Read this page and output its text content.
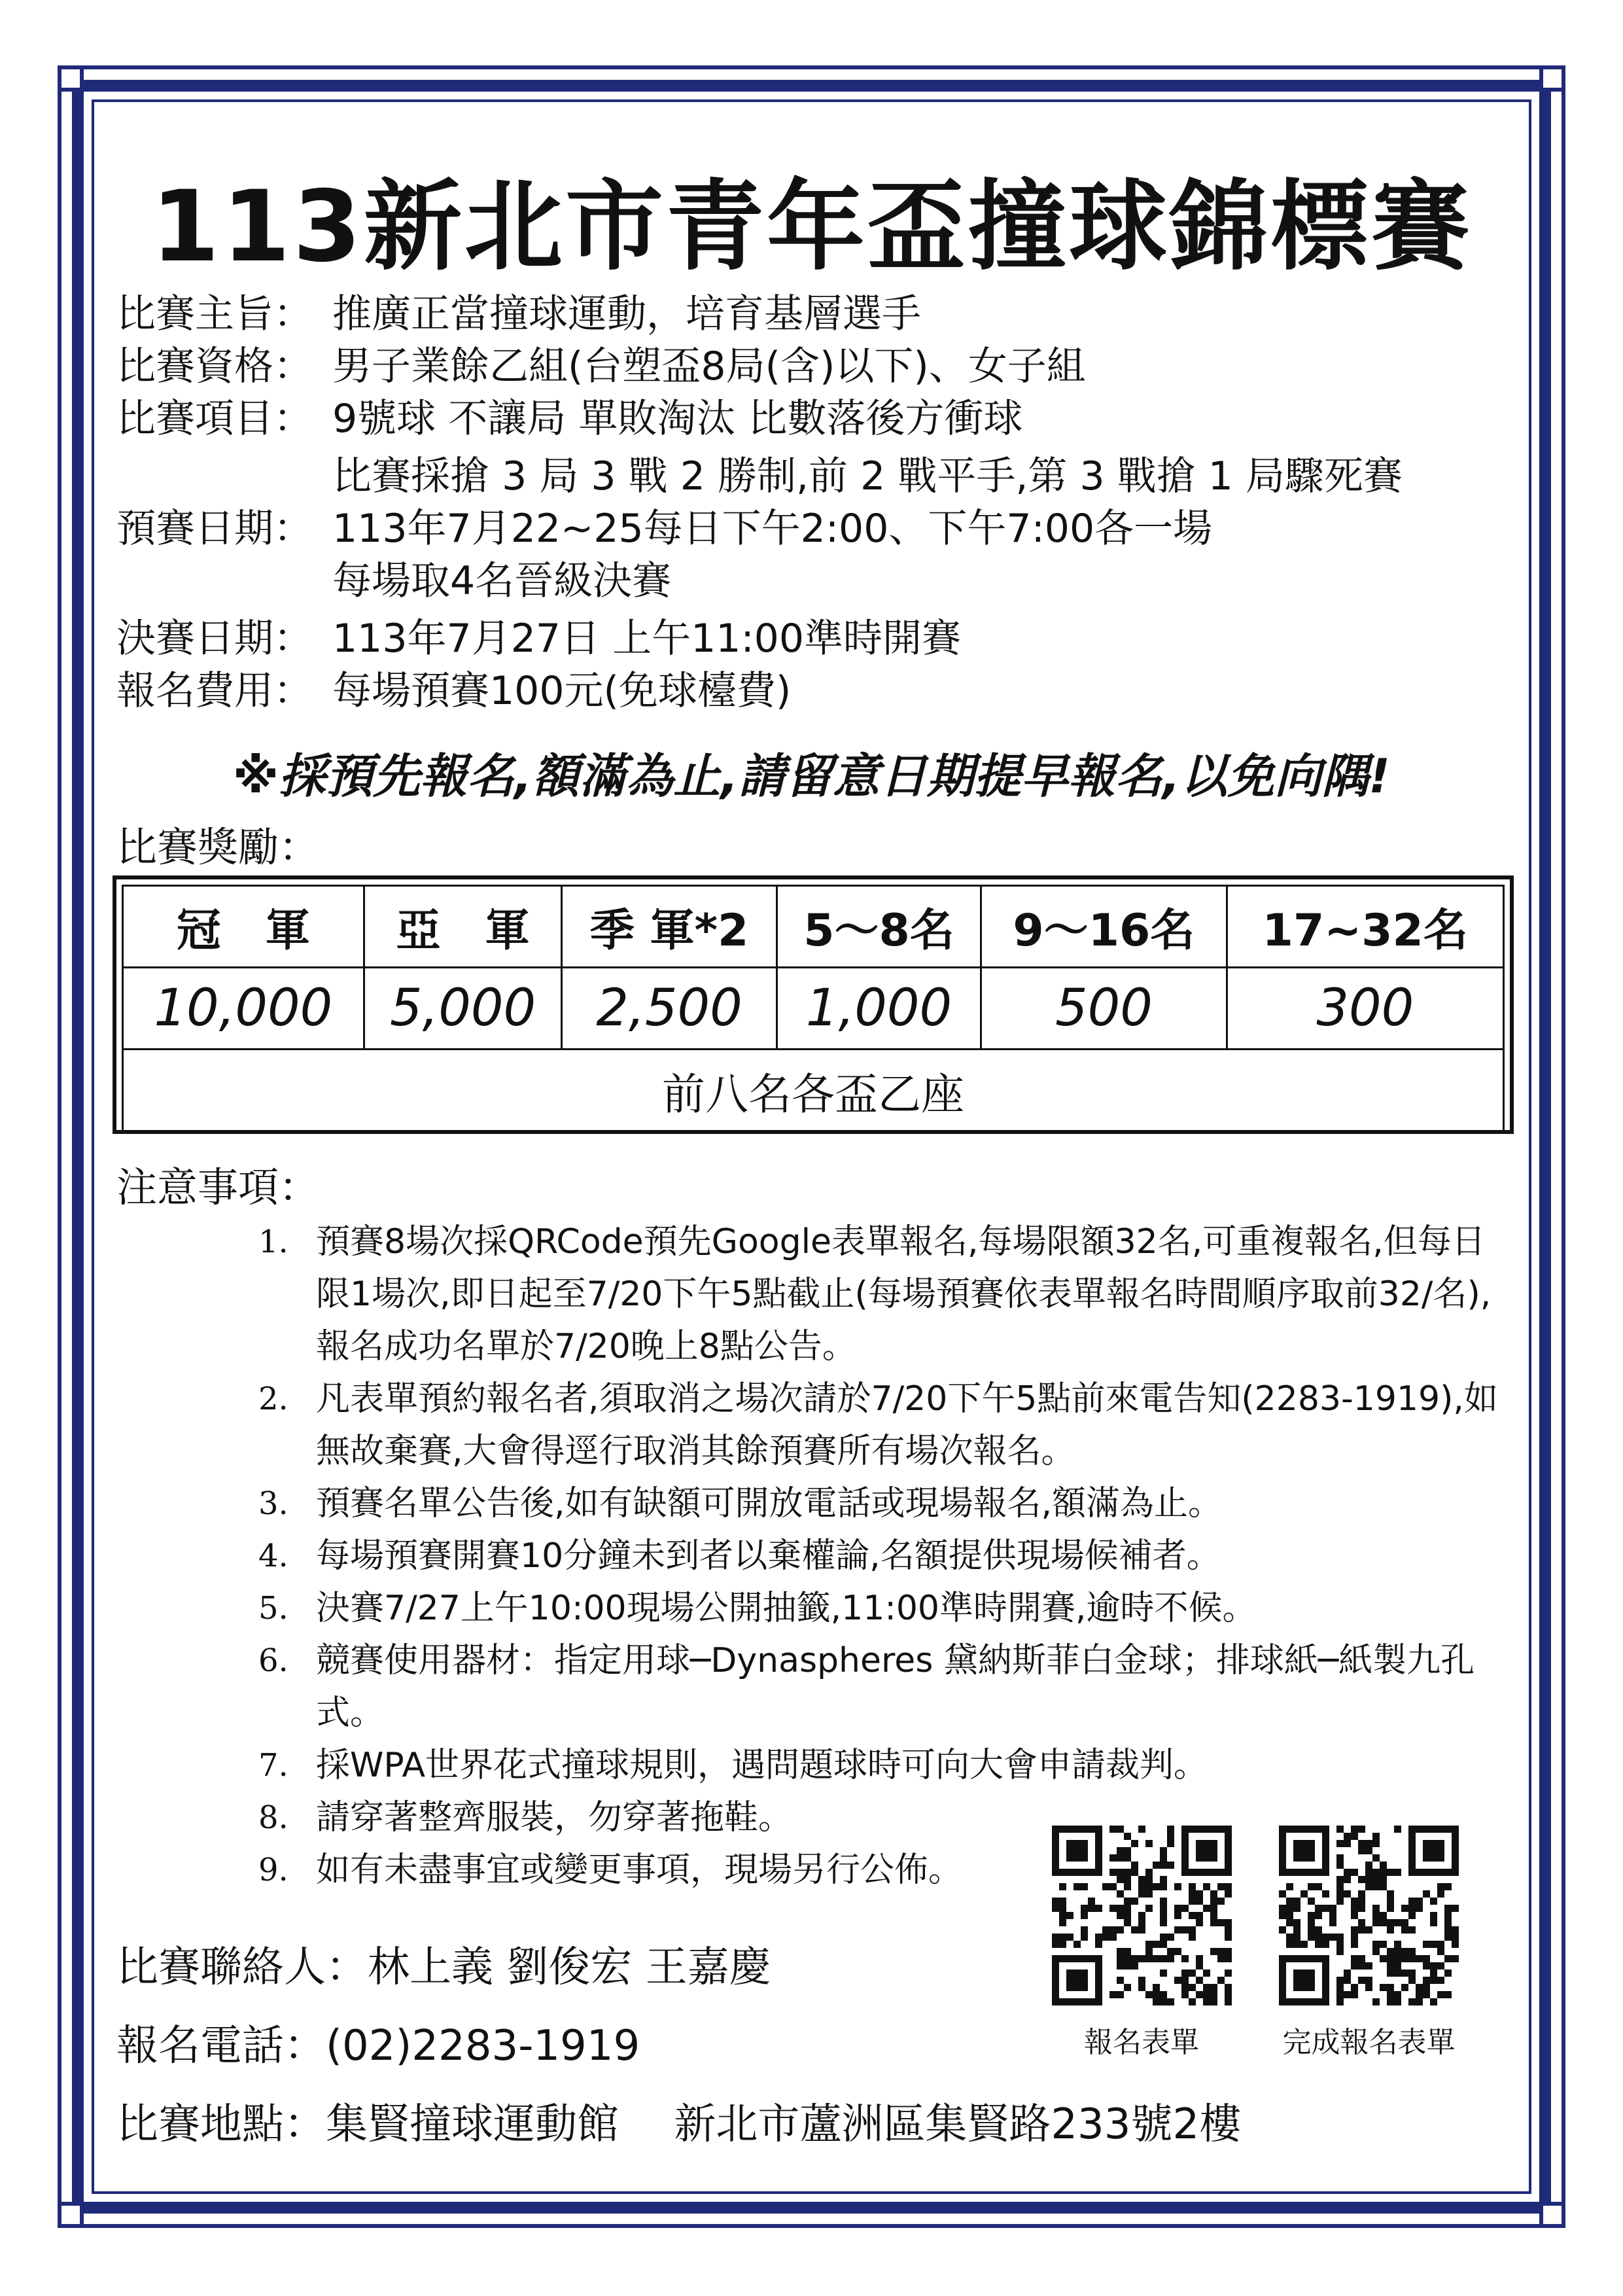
113新北市青年盃撞球錦標賽
比賽主旨： 推廣正當撞球運動，培育基層選手
比賽資格： 男子業餘乙組(台塑盃8局(含)以下)、女子組
比賽項目： 9號球 不讓局 單敗淘汰 比數落後方衝球
比賽採搶 3 局 3 戰 2 勝制,前 2 戰平手,第 3 戰搶 1 局驟死賽
預賽日期： 113年7月22~25每日下午2:00、下午7:00各一場
每場取4名晉級決賽
決賽日期： 113年7月27日 上午11:00準時開賽
報名費用： 每場預賽100元(免球檯費)
※採預先報名,額滿為止,請留意日期提早報名,以免向隅!
比賽獎勵：
冠　軍	亞　軍	季 軍*2	5～8名	9～16名	17~32名
10,000	5,000	2,500	1,000	500	300
前八名各盃乙座					
注意事項：
1. 預賽8場次採QRCode預先Google表單報名,每場限額32名,可重複報名,但每日限1場次,即日起至7/20下午5點截止(每場預賽依表單報名時間順序取前32/名),報名成功名單於7/20晚上8點公告。
2. 凡表單預約報名者,須取消之場次請於7/20下午5點前來電告知(2283-1919),如無故棄賽,大會得逕行取消其餘預賽所有場次報名。
3. 預賽名單公告後,如有缺額可開放電話或現場報名,額滿為止。
4. 每場預賽開賽10分鐘未到者以棄權論,名額提供現場候補者。
5. 決賽7/27上午10:00現場公開抽籤,11:00準時開賽,逾時不候。
6. 競賽使用器材：指定用球─Dynaspheres 黛納斯菲白金球；排球紙─紙製九孔式。
7. 採WPA世界花式撞球規則，遇問題球時可向大會申請裁判。
8. 請穿著整齊服裝，勿穿著拖鞋。
9. 如有未盡事宜或變更事項，現場另行公佈。
報名表單	完成報名表單
比賽聯絡人：林上義 劉俊宏 王嘉慶
報名電話：(02)2283-1919
比賽地點：集賢撞球運動館　 新北市蘆洲區集賢路233號2樓
